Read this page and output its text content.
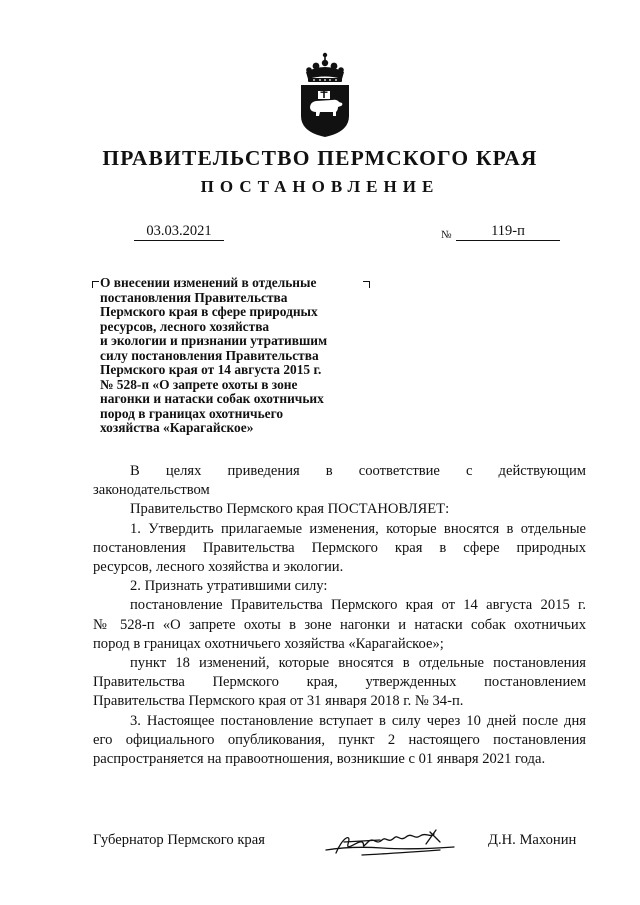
ПРАВИТЕЛЬСТВО ПЕРМСКОГО КРАЯ
ПОСТАНОВЛЕНИЕ
03.03.2021	№	119-п
О внесении изменений в отдельные
постановления Правительства
Пермского края в сфере природных
ресурсов, лесного хозяйства
и экологии и признании утратившим
силу постановления Правительства
Пермского края от 14 августа 2015 г.
№ 528-п «О запрете охоты в зоне
нагонки и натаски собак охотничьих
пород в границах охотничьего
хозяйства «Карагайское»

В целях приведения в соответствие с действующим

законодательством

Правительство Пермского края ПОСТАНОВЛЯЕТ:

1. Утвердить прилагаемые изменения, которые вносятся в отдельные

постановления Правительства Пермского края в сфере природных

ресурсов, лесного хозяйства и экологии.

2. Признать утратившими силу:

постановление Правительства Пермского края от 14 августа 2015 г.

№ 528-п «О запрете охоты в зоне нагонки и натаски собак охотничьих

пород в границах охотничьего хозяйства «Карагайское»;

пункт 18 изменений, которые вносятся в отдельные постановления

Правительства Пермского края, утвержденных постановлением

Правительства Пермского края от 31 января 2018 г. № 34-п.

3. Настоящее постановление вступает в силу через 10 дней после дня

его официального опубликования, пункт 2 настоящего постановления

распространяется на правоотношения, возникшие с 01 января 2021 года.

Губернатор Пермского края	Д.Н. Махонин
